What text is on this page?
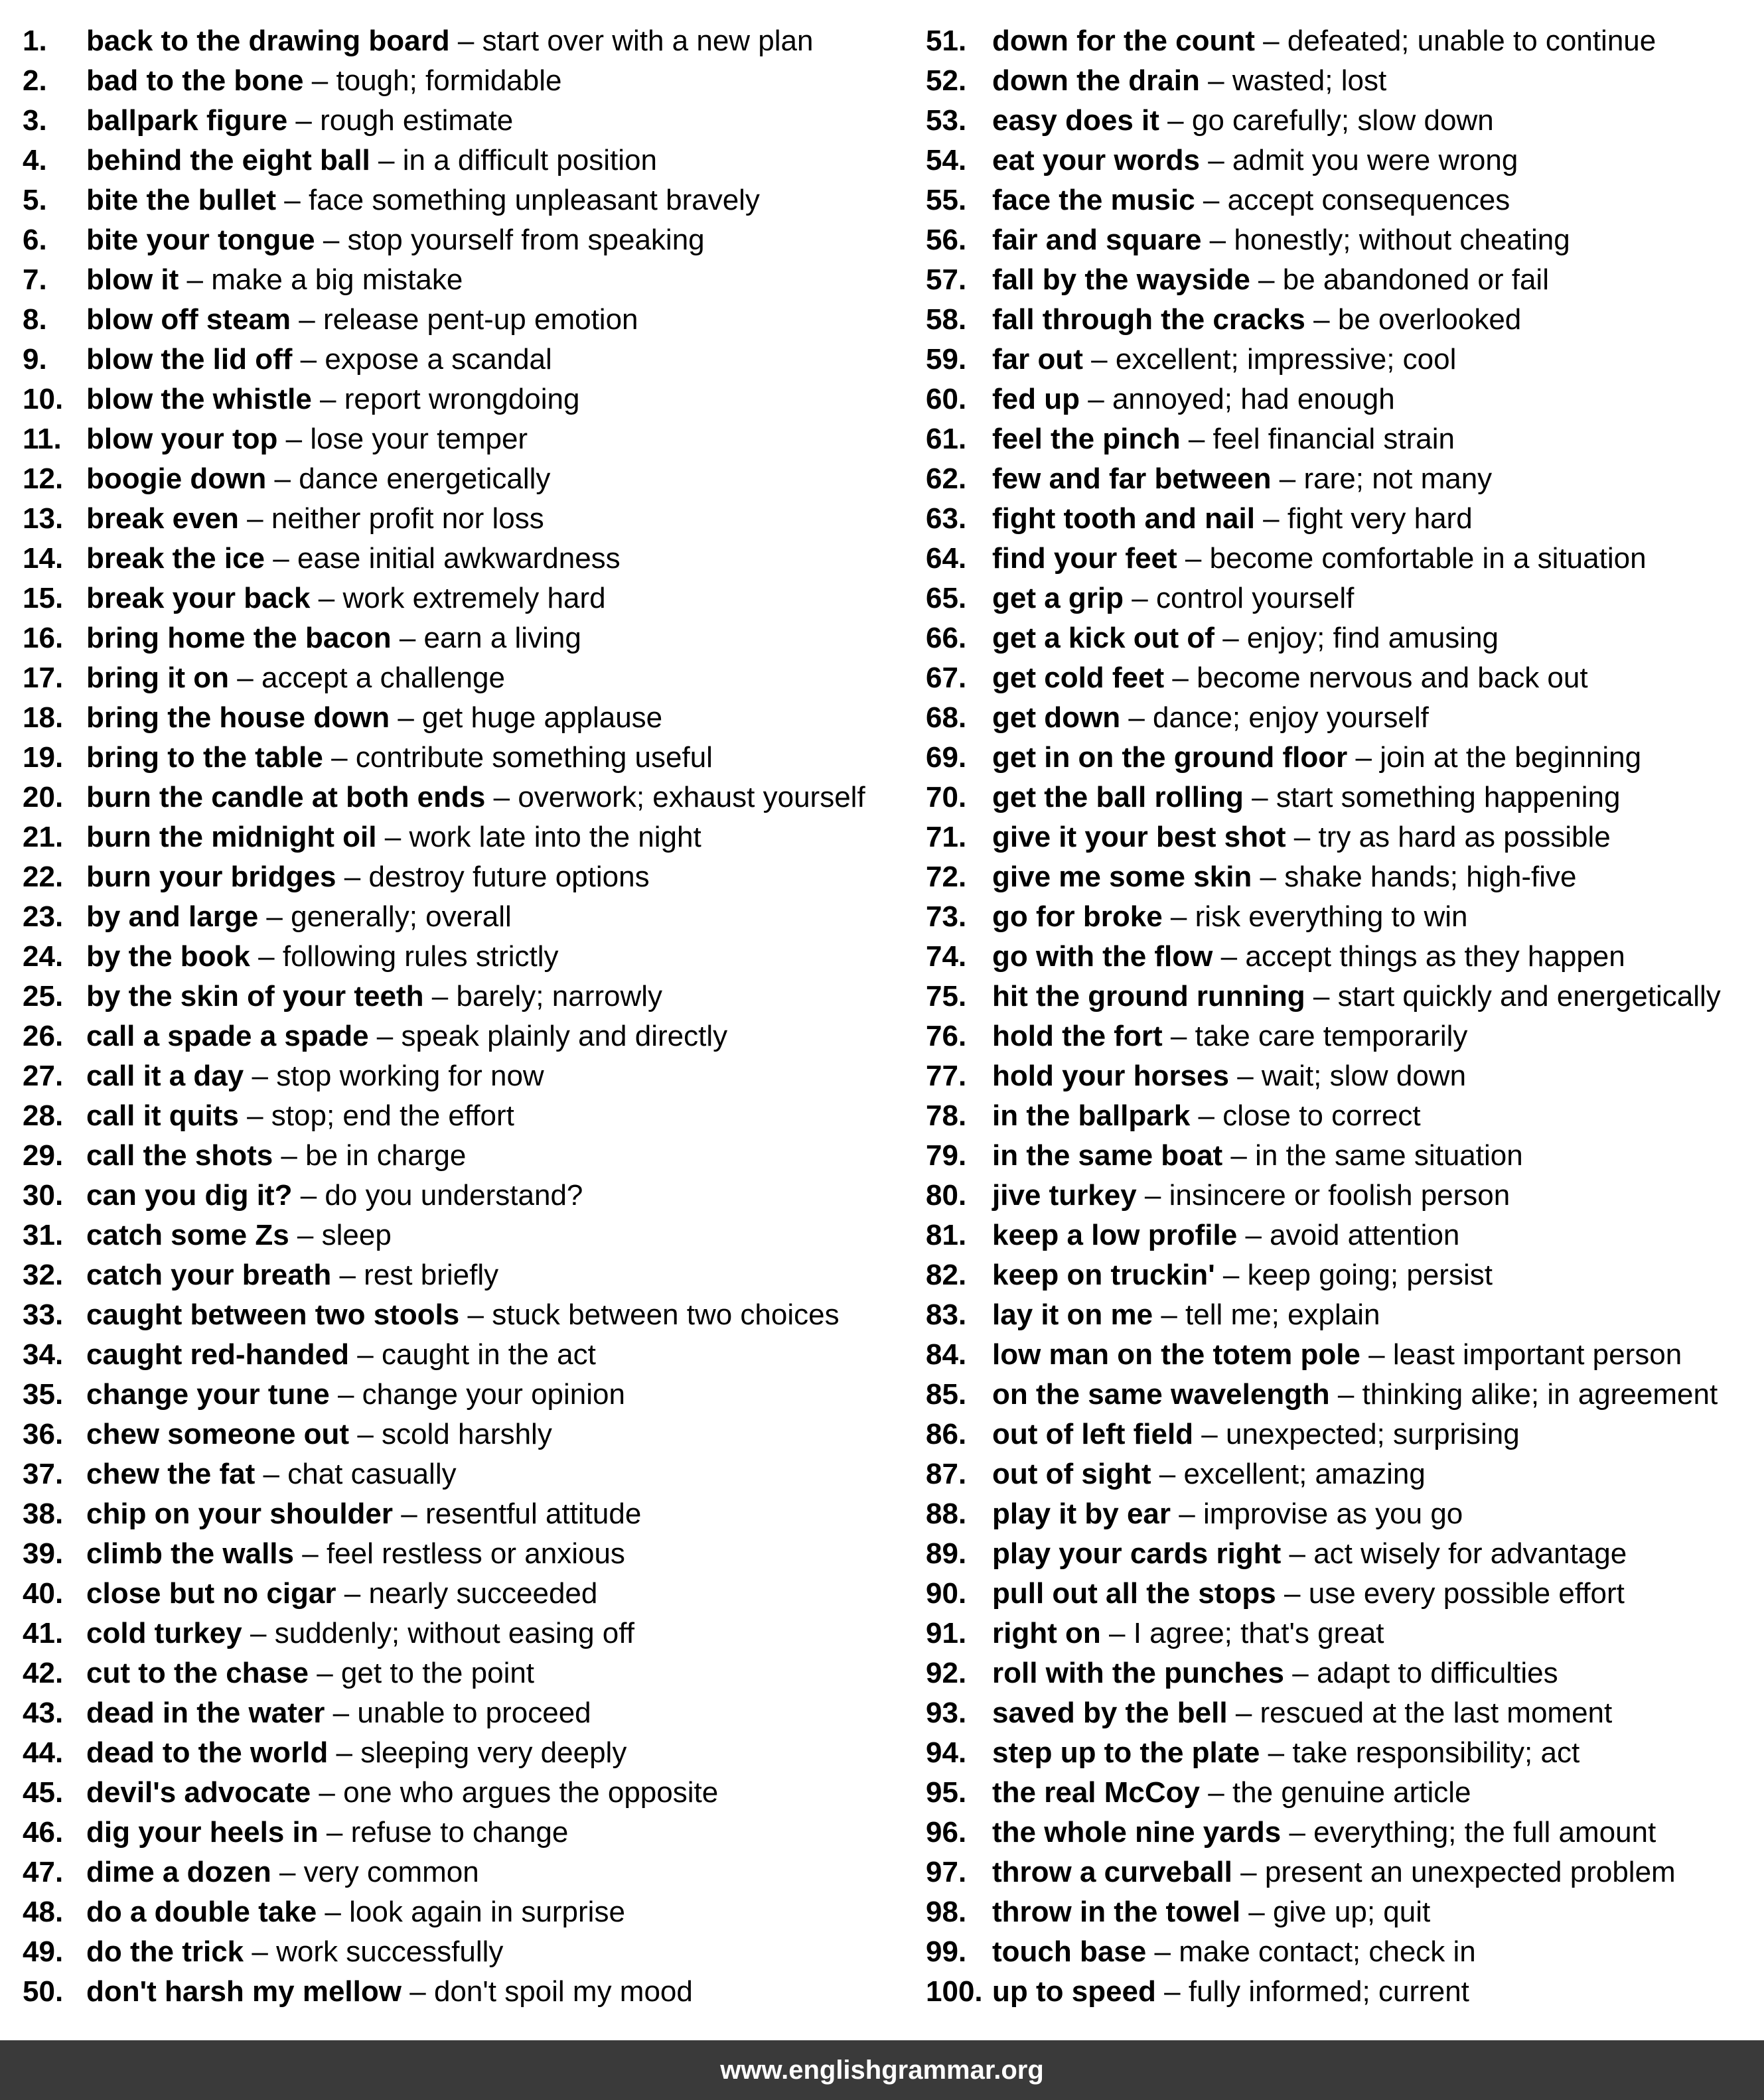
1.	back to the drawing board – start over with a new plan
2.	bad to the bone – tough; formidable
3.	ballpark figure – rough estimate
4.	behind the eight ball – in a difficult position
5.	bite the bullet – face something unpleasant bravely
6.	bite your tongue – stop yourself from speaking
7.	blow it – make a big mistake
8.	blow off steam – release pent-up emotion
9.	blow the lid off – expose a scandal
10. blow the whistle – report wrongdoing
11. blow your top – lose your temper
12. boogie down – dance energetically
13. break even – neither profit nor loss
14. break the ice – ease initial awkwardness
15. break your back – work extremely hard
16. bring home the bacon – earn a living
17. bring it on – accept a challenge
18. bring the house down – get huge applause
19. bring to the table – contribute something useful
20. burn the candle at both ends – overwork; exhaust yourself
21. burn the midnight oil – work late into the night
22. burn your bridges – destroy future options
23. by and large – generally; overall
24. by the book – following rules strictly
25. by the skin of your teeth – barely; narrowly
26. call a spade a spade – speak plainly and directly
27. call it a day – stop working for now
28. call it quits – stop; end the effort
29. call the shots – be in charge
30. can you dig it? – do you understand?
31. catch some Zs – sleep
32. catch your breath – rest briefly
33. caught between two stools – stuck between two choices
34. caught red-handed – caught in the act
35. change your tune – change your opinion
36. chew someone out – scold harshly
37. chew the fat – chat casually
38. chip on your shoulder – resentful attitude
39. climb the walls – feel restless or anxious
40. close but no cigar – nearly succeeded
41. cold turkey – suddenly; without easing off
42. cut to the chase – get to the point
43. dead in the water – unable to proceed
44. dead to the world – sleeping very deeply
45. devil's advocate – one who argues the opposite
46. dig your heels in – refuse to change
47. dime a dozen – very common
48. do a double take – look again in surprise
49. do the trick – work successfully
50. don't harsh my mellow – don't spoil my mood
51. down for the count – defeated; unable to continue
52. down the drain – wasted; lost
53. easy does it – go carefully; slow down
54. eat your words – admit you were wrong
55. face the music – accept consequences
56. fair and square – honestly; without cheating
57. fall by the wayside – be abandoned or fail
58. fall through the cracks – be overlooked
59. far out – excellent; impressive; cool
60. fed up – annoyed; had enough
61. feel the pinch – feel financial strain
62. few and far between – rare; not many
63. fight tooth and nail – fight very hard
64. find your feet – become comfortable in a situation
65. get a grip – control yourself
66. get a kick out of – enjoy; find amusing
67. get cold feet – become nervous and back out
68. get down – dance; enjoy yourself
69. get in on the ground floor – join at the beginning
70. get the ball rolling – start something happening
71. give it your best shot – try as hard as possible
72. give me some skin – shake hands; high-five
73. go for broke – risk everything to win
74. go with the flow – accept things as they happen
75. hit the ground running – start quickly and energetically
76. hold the fort – take care temporarily
77. hold your horses – wait; slow down
78. in the ballpark – close to correct
79. in the same boat – in the same situation
80. jive turkey – insincere or foolish person
81. keep a low profile – avoid attention
82. keep on truckin' – keep going; persist
83. lay it on me – tell me; explain
84. low man on the totem pole – least important person
85. on the same wavelength – thinking alike; in agreement
86. out of left field – unexpected; surprising
87. out of sight – excellent; amazing
88. play it by ear – improvise as you go
89. play your cards right – act wisely for advantage
90. pull out all the stops – use every possible effort
91. right on – I agree; that's great
92. roll with the punches – adapt to difficulties
93. saved by the bell – rescued at the last moment
94. step up to the plate – take responsibility; act
95. the real McCoy – the genuine article
96. the whole nine yards – everything; the full amount
97. throw a curveball – present an unexpected problem
98. throw in the towel – give up; quit
99. touch base – make contact; check in
100. up to speed – fully informed; current
www.englishgrammar.org
